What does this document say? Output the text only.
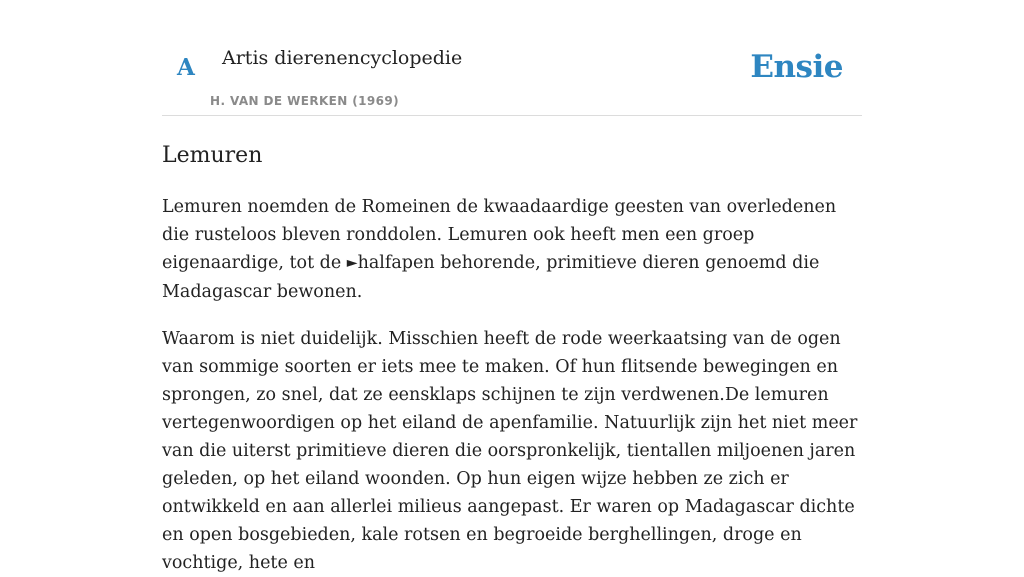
A Artis dierenencyclopedie
H. VAN DE WERKEN (1969)
Ensie
Lemuren

Lemuren noemden de Romeinen de kwaadaardige geesten van overledenen die rusteloos bleven ronddolen. Lemuren ook heeft men een groep eigenaardige, tot de ►halfapen behorende, primitieve dieren genoemd die Madagascar bewonen.

Waarom is niet duidelijk. Misschien heeft de rode weerkaatsing van de ogen van sommige soorten er iets mee te maken. Of hun flitsende bewegingen en sprongen, zo snel, dat ze eensklaps schijnen te zijn verdwenen.De lemuren vertegenwoordigen op het eiland de apenfamilie. Natuurlijk zijn het niet meer van die uiterst primitieve dieren die oorspronkelijk, tientallen miljoenen jaren geleden, op het eiland woonden. Op hun eigen wijze hebben ze zich er ontwikkeld en aan allerlei milieus aangepast. Er waren op Madagascar dichte en open bosgebieden, kale rotsen en begroeide berghellingen, droge en vochtige, hete en
